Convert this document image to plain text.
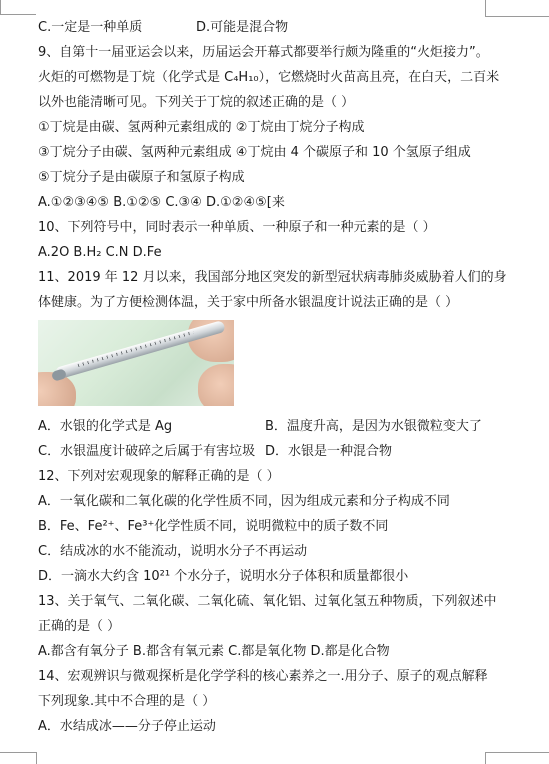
C.一定是一种单质	D.可能是混合物
9、自第十一届亚运会以来，历届运会开幕式都要举行颇为隆重的“火炬接力”。
火炬的可燃物是丁烷（化学式是 C₄H₁₀），它燃烧时火苗高且亮，在白天，二百米
以外也能清晰可见。下列关于丁烷的叙述正确的是（ ）
①丁烷是由碳、氢两种元素组成的 ②丁烷由丁烷分子构成
③丁烷分子由碳、氢两种元素组成 ④丁烷由 4 个碳原子和 10 个氢原子组成
⑤丁烷分子是由碳原子和氢原子构成
A.①②③④⑤ B.①②⑤ C.③④ D.①②④⑤[来
10、下列符号中，同时表示一种单质、一种原子和一种元素的是（ ）
A.2O B.H₂ C.N D.Fe
11、2019 年 12 月以来，我国部分地区突发的新型冠状病毒肺炎威胁着人们的身
体健康。为了方便检测体温，关于家中所备水银温度计说法正确的是（ ）
A．水银的化学式是 Ag	B．温度升高，是因为水银微粒变大了
C．水银温度计破碎之后属于有害垃圾 D．水银是一种混合物
12、下列对宏观现象的解释正确的是（ ）
A．一氧化碳和二氧化碳的化学性质不同，因为组成元素和分子构成不同
B．Fe、Fe²⁺、Fe³⁺化学性质不同，说明微粒中的质子数不同
C．结成冰的水不能流动，说明水分子不再运动
D．一滴水大约含 10²¹ 个水分子，说明水分子体积和质量都很小
13、关于氧气、二氧化碳、二氧化硫、氧化铝、过氧化氢五种物质，下列叙述中
正确的是（ ）
A.都含有氧分子 B.都含有氧元素 C.都是氧化物 D.都是化合物
14、宏观辨识与微观探析是化学学科的核心素养之一.用分子、原子的观点解释
下列现象.其中不合理的是（ ）
A．水结成冰——分子停止运动
